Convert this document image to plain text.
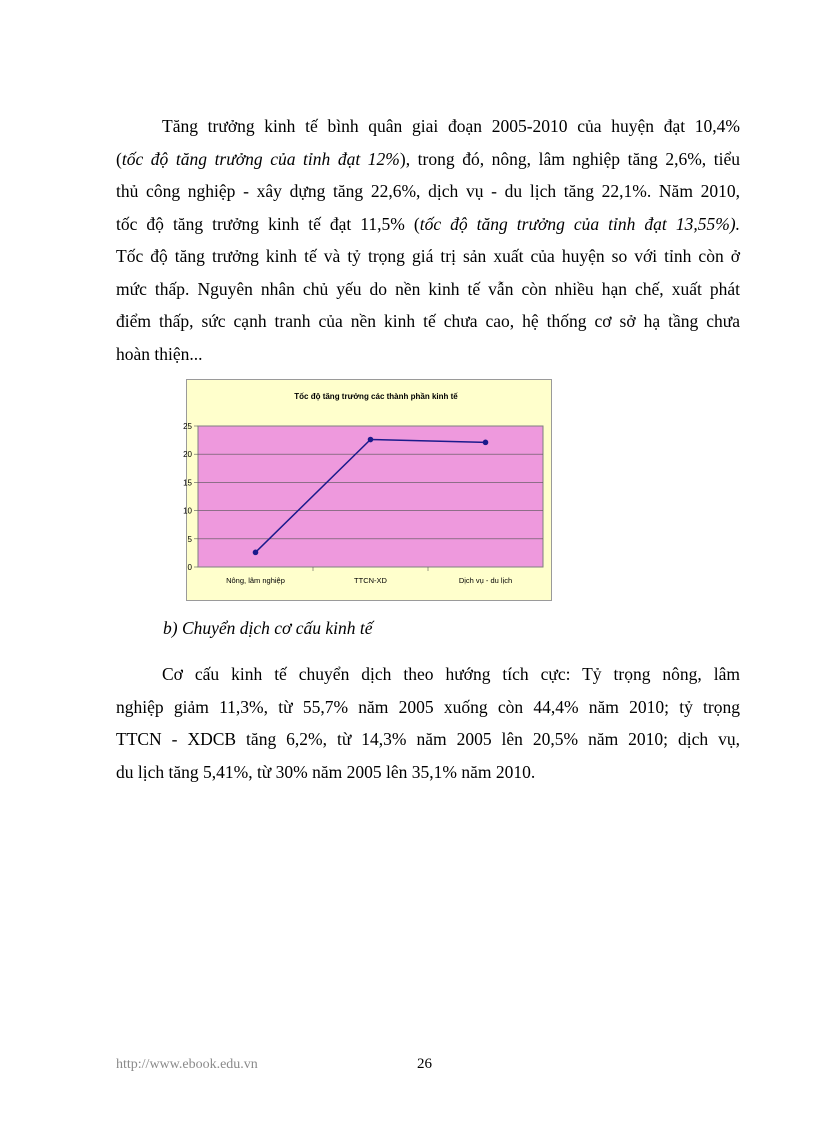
Tăng trưởng kinh tế bình quân giai đoạn 2005-2010 của huyện đạt 10,4%
(tốc độ tăng trưởng của tỉnh đạt 12%), trong đó, nông, lâm nghiệp tăng 2,6%, tiểu
thủ công nghiệp - xây dựng tăng 22,6%, dịch vụ - du lịch tăng 22,1%. Năm 2010,
tốc độ tăng trưởng kinh tế đạt 11,5% (tốc độ tăng trưởng của tỉnh đạt 13,55%).
Tốc độ tăng trưởng kinh tế và tỷ trọng giá trị sản xuất của huyện so với tỉnh còn ở
mức thấp. Nguyên nhân chủ yếu do nền kinh tế vẫn còn nhiều hạn chế, xuất phát
điểm thấp, sức cạnh tranh của nền kinh tế chưa cao, hệ thống cơ sở hạ tầng chưa
hoàn thiện...
Tốc độ tăng trưởng các thành phần kinh tế
0
5
10
15
20
25
Nông, lâm nghiệp	TTCN-XD	Dịch vụ - du lịch
b) Chuyển dịch cơ cấu kinh tế
Cơ cấu kinh tế chuyển dịch theo hướng tích cực: Tỷ trọng nông, lâm
nghiệp giảm 11,3%, từ 55,7% năm 2005 xuống còn 44,4% năm 2010; tỷ trọng
TTCN - XDCB tăng 6,2%, từ 14,3% năm 2005 lên 20,5% năm 2010; dịch vụ,
du lịch tăng 5,41%, từ 30% năm 2005 lên 35,1% năm 2010.
http://www.ebook.edu.vn	26
